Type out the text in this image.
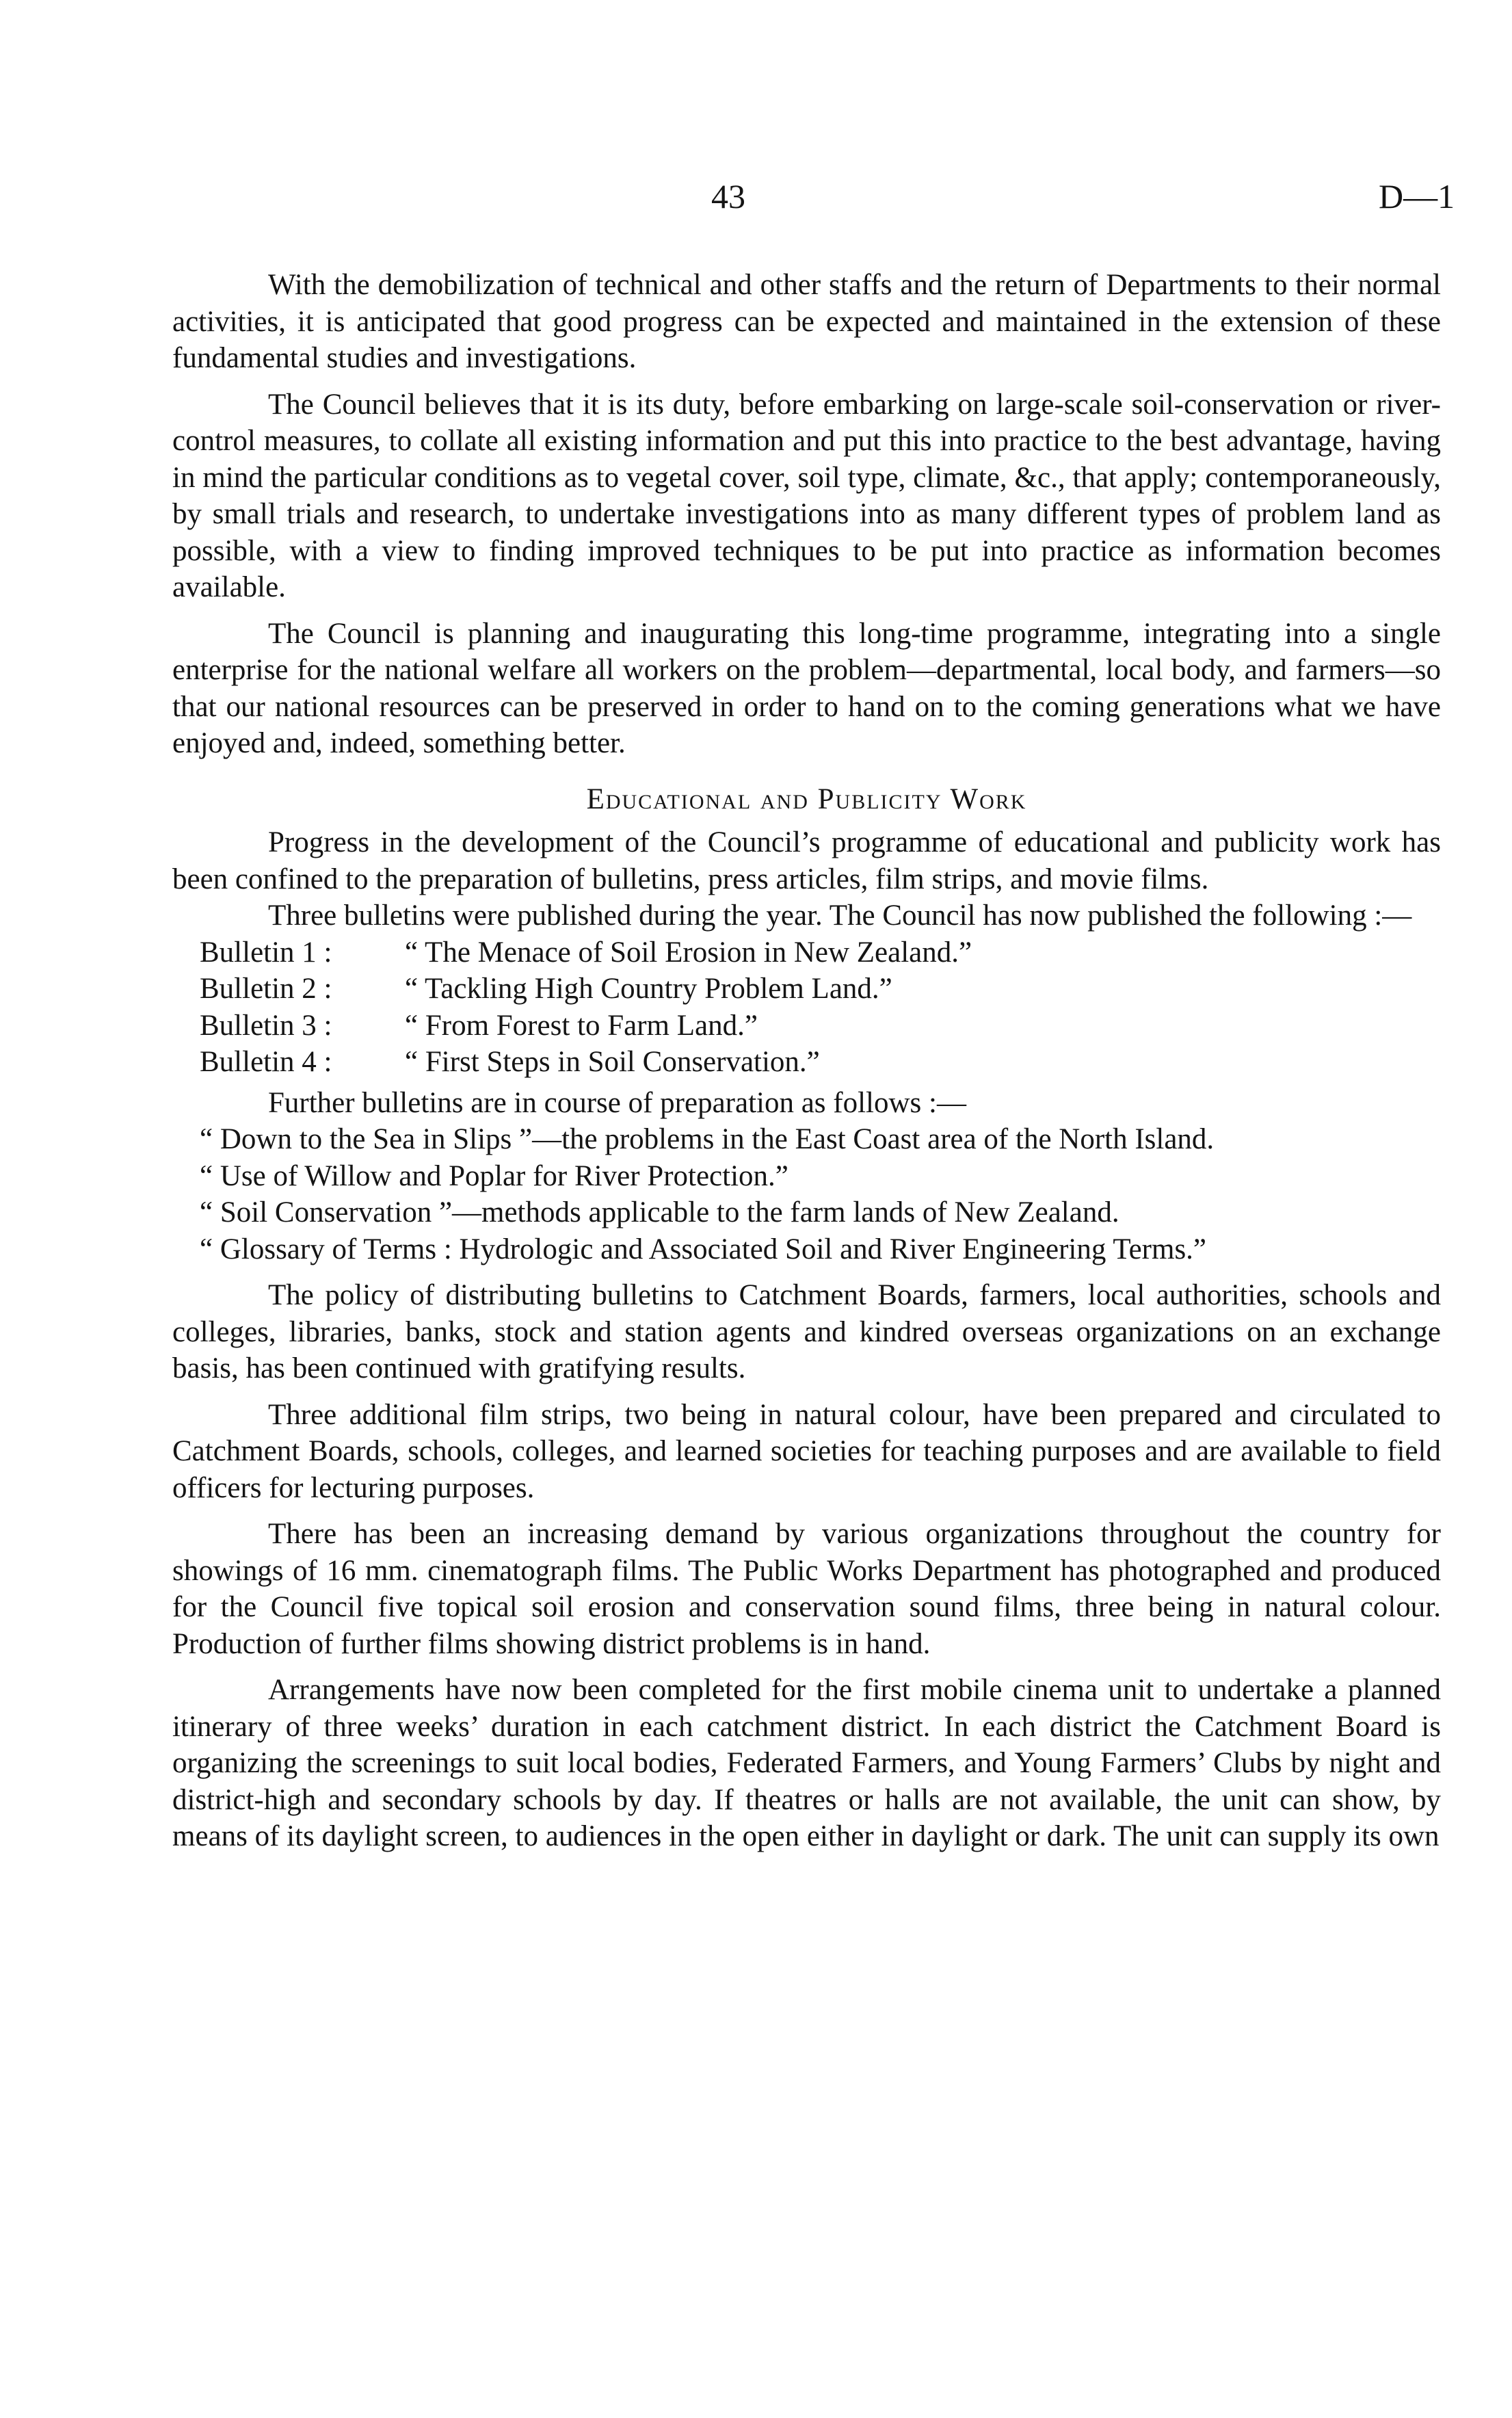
43	D—1

With the demobilization of technical and other staffs and the return of Departments to their normal activities, it is anticipated that good progress can be expected and maintained in the extension of these fundamental studies and investigations.

The Council believes that it is its duty, before embarking on large-scale soil-conservation or river-control measures, to collate all existing information and put this into practice to the best advantage, having in mind the particular conditions as to vegetal cover, soil type, climate, &c., that apply; contemporaneously, by small trials and research, to undertake investigations into as many different types of problem land as possible, with a view to finding improved techniques to be put into practice as information becomes available.

The Council is planning and inaugurating this long-time programme, integrating into a single enterprise for the national welfare all workers on the problem—departmental, local body, and farmers—so that our national resources can be preserved in order to hand on to the coming generations what we have enjoyed and, indeed, something better.

Educational and Publicity Work

Progress in the development of the Council’s programme of educational and publicity work has been confined to the preparation of bulletins, press articles, film strips, and movie films.

Three bulletins were published during the year. The Council has now published the following :—

Bulletin 1 :	“ The Menace of Soil Erosion in New Zealand.”
Bulletin 2 :	“ Tackling High Country Problem Land.”
Bulletin 3 :	“ From Forest to Farm Land.”
Bulletin 4 :	“ First Steps in Soil Conservation.”

Further bulletins are in course of preparation as follows :—

“ Down to the Sea in Slips ”—the problems in the East Coast area of the North Island.
“ Use of Willow and Poplar for River Protection.”
“ Soil Conservation ”—methods applicable to the farm lands of New Zealand.
“ Glossary of Terms : Hydrologic and Associated Soil and River Engineering Terms.”

The policy of distributing bulletins to Catchment Boards, farmers, local authorities, schools and colleges, libraries, banks, stock and station agents and kindred overseas organizations on an exchange basis, has been continued with gratifying results.

Three additional film strips, two being in natural colour, have been prepared and circulated to Catchment Boards, schools, colleges, and learned societies for teaching purposes and are available to field officers for lecturing purposes.

There has been an increasing demand by various organizations throughout the country for showings of 16 mm. cinematograph films. The Public Works Department has photographed and produced for the Council five topical soil erosion and conservation sound films, three being in natural colour. Production of further films showing district problems is in hand.

Arrangements have now been completed for the first mobile cinema unit to undertake a planned itinerary of three weeks’ duration in each catchment district. In each district the Catchment Board is organizing the screenings to suit local bodies, Federated Farmers, and Young Farmers’ Clubs by night and district-high and secondary schools by day. If theatres or halls are not available, the unit can show, by means of its daylight screen, to audiences in the open either in daylight or dark. The unit can supply its own
